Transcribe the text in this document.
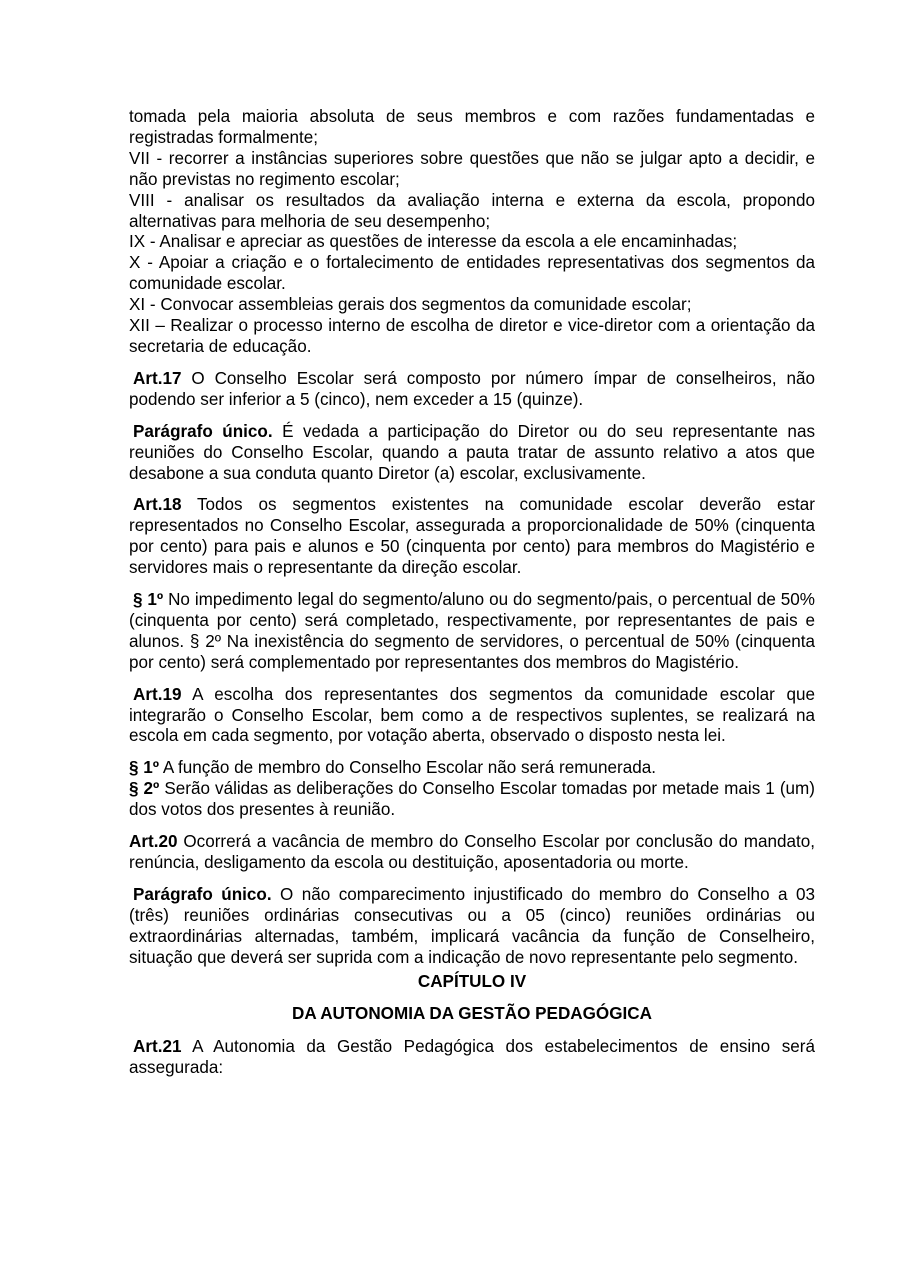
tomada pela maioria absoluta de seus membros e com razões fundamentadas e registradas formalmente;

VII - recorrer a instâncias superiores sobre questões que não se julgar apto a decidir, e não previstas no regimento escolar;

VIII - analisar os resultados da avaliação interna e externa da escola, propondo alternativas para melhoria de seu desempenho;

IX - Analisar e apreciar as questões de interesse da escola a ele encaminhadas;

X - Apoiar a criação e o fortalecimento de entidades representativas dos segmentos da comunidade escolar.

XI - Convocar assembleias gerais dos segmentos da comunidade escolar;

XII – Realizar o processo interno de escolha de diretor e vice-diretor com a orientação da secretaria de educação.

Art.17 O Conselho Escolar será composto por número ímpar de conselheiros, não podendo ser inferior a 5 (cinco), nem exceder a 15 (quinze).

Parágrafo único. É vedada a participação do Diretor ou do seu representante nas reuniões do Conselho Escolar, quando a pauta tratar de assunto relativo a atos que desabone a sua conduta quanto Diretor (a) escolar, exclusivamente.

Art.18 Todos os segmentos existentes na comunidade escolar deverão estar representados no Conselho Escolar, assegurada a proporcionalidade de 50% (cinquenta por cento) para pais e alunos e 50 (cinquenta por cento) para membros do Magistério e servidores mais o representante da direção escolar.

§ 1º No impedimento legal do segmento/aluno ou do segmento/pais, o percentual de 50% (cinquenta por cento) será completado, respectivamente, por representantes de pais e alunos. § 2º Na inexistência do segmento de servidores, o percentual de 50% (cinquenta por cento) será complementado por representantes dos membros do Magistério.

Art.19 A escolha dos representantes dos segmentos da comunidade escolar que integrarão o Conselho Escolar, bem como a de respectivos suplentes, se realizará na escola em cada segmento, por votação aberta, observado o disposto nesta lei.

§ 1º A função de membro do Conselho Escolar não será remunerada.

§ 2º Serão válidas as deliberações do Conselho Escolar tomadas por metade mais 1 (um) dos votos dos presentes à reunião.

Art.20 Ocorrerá a vacância de membro do Conselho Escolar por conclusão do mandato, renúncia, desligamento da escola ou destituição, aposentadoria ou morte.

Parágrafo único. O não comparecimento injustificado do membro do Conselho a 03 (três) reuniões ordinárias consecutivas ou a 05 (cinco) reuniões ordinárias ou extraordinárias alternadas, também, implicará vacância da função de Conselheiro, situação que deverá ser suprida com a indicação de novo representante pelo segmento.

CAPÍTULO IV

DA AUTONOMIA DA GESTÃO PEDAGÓGICA

Art.21 A Autonomia da Gestão Pedagógica dos estabelecimentos de ensino será assegurada:
